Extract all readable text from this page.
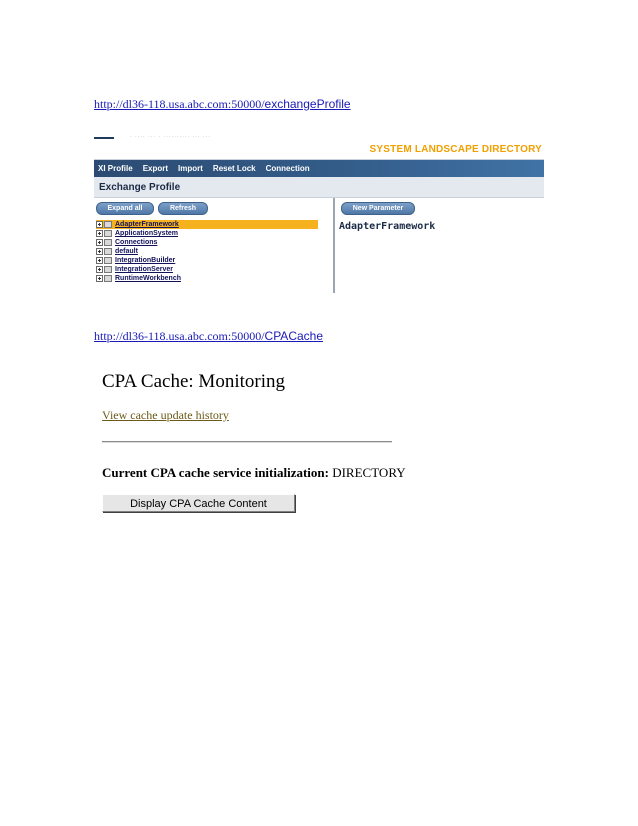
http://dl36-118.usa.abc.com:50000/exchangeProfile
· ···· ··· · ·········· ··· ···
SYSTEM LANDSCAPE DIRECTORY
XI Profile Export Import Reset Lock Connection
Exchange Profile
Expand all	Refresh
AdapterFramework
ApplicationSystem
Connections
default
IntegrationBuilder
IntegrationServer
RuntimeWorkbench
New Parameter
AdapterFramework
http://dl36-118.usa.abc.com:50000/CPACache
CPA Cache: Monitoring
View cache update history
Current CPA cache service initialization: DIRECTORY
Display CPA Cache Content
